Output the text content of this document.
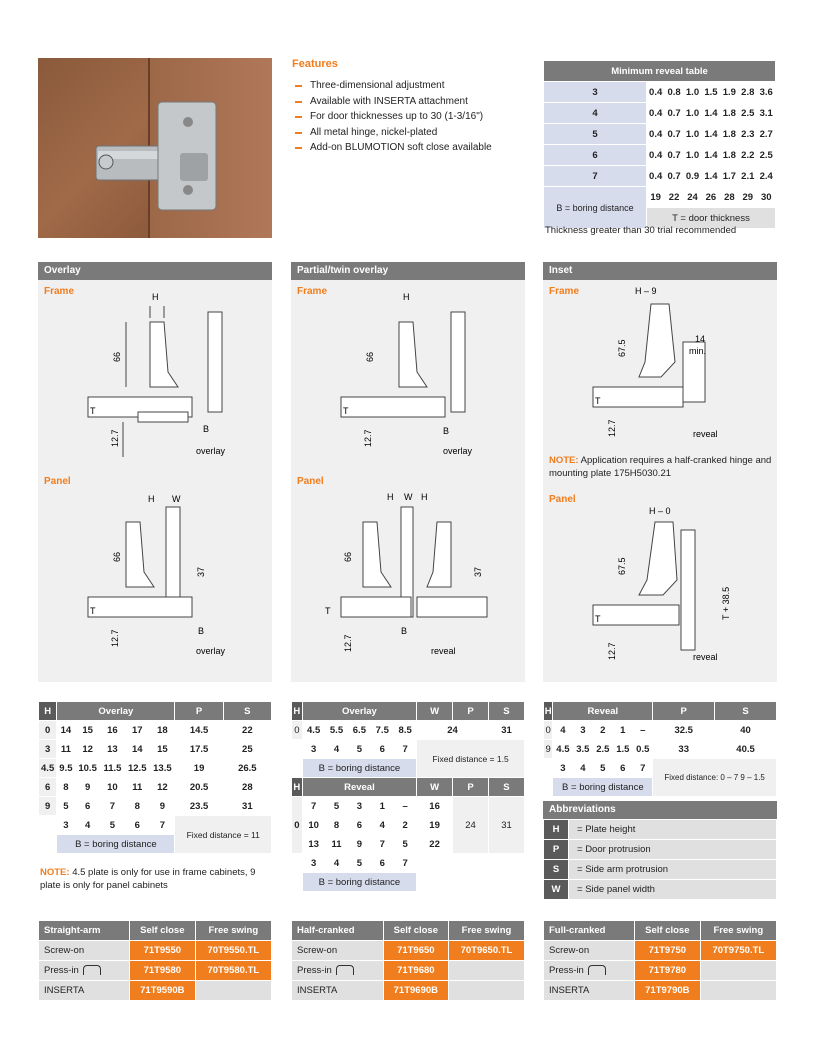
Features
Three-dimensional adjustment
Available with INSERTA attachment
For door thicknesses up to 30 (1-3/16")
All metal hinge, nickel-plated
Add-on BLUMOTION soft close available
Minimum reveal table							
3	0.4	0.8	1.0	1.5	1.9	2.8	3.6
4	0.4	0.7	1.0	1.4	1.8	2.5	3.1
5	0.4	0.7	1.0	1.4	1.8	2.3	2.7
6	0.4	0.7	1.0	1.4	1.8	2.2	2.5
7	0.4	0.7	0.9	1.4	1.7	2.1	2.4
B = boring distance	19	22	24	26	28	29	30
	T = door thickness						
Thickness greater than 30 trial recommended
Overlay
Frame	H
66
T
12.7
B
overlay
Panel
H W
66
37
T
12.7	B
overlay
Partial/twin overlay
Frame	H
66
T
12.7	B
overlay
Panel
H W H
66
37
T
12.7
B
reveal
Inset
Frame	H – 9
67.5
14
min.
T
12.7	reveal
NOTE: Application requires a half-cranked hinge and mounting plate 175H5030.21
Panel
H – 0
67.5
T + 38.5
T
12.7	reveal
H	Overlay					P	S
0	14	15	16	17	18	14.5	22
3	11	12	13	14	15	17.5	25
4.5	9.5	10.5	11.5	12.5	13.5	19	26.5
6	8	9	10	11	12	20.5	28
9	5	6	7	8	9	23.5	31
	3	4	5	6	7	Fixed distance = 11	
	B = boring distance						
NOTE: 4.5 plate is only for use in frame cabinets, 9 plate is only for panel cabinets
H	Overlay					W	P	S
0	4.5	5.5	6.5	7.5	8.5	24		31
	3	4	5	6	7	Fixed distance = 1.5		
	B = boring distance							
H	Reveal					W	P	S
0	7	5	3	1	–	16	24	31
	10	8	6	4	2	19		
	13	11	9	7	5	22		
	3	4	5	6	7			
	B = boring distance							
H	Reveal					P	S
0	4	3	2	1	–	32.5	40
9	4.5	3.5	2.5	1.5	0.5	33	40.5
	3	4	5	6	7	Fixed distance: 0 – 7 9 – 1.5	
	B = boring distance						
Abbreviations
H	= Plate height
P	= Door protrusion
S	= Side arm protrusion
W	= Side panel width
Straight-arm	Self close	Free swing
Screw-on	71T9550	70T9550.TL
Press-in	71T9580	70T9580.TL
INSERTA	71T9590B	
Half-cranked	Self close	Free swing
Screw-on	71T9650	70T9650.TL
Press-in	71T9680	
INSERTA	71T9690B	
Full-cranked	Self close	Free swing
Screw-on	71T9750	70T9750.TL
Press-in	71T9780	
INSERTA	71T9790B	
